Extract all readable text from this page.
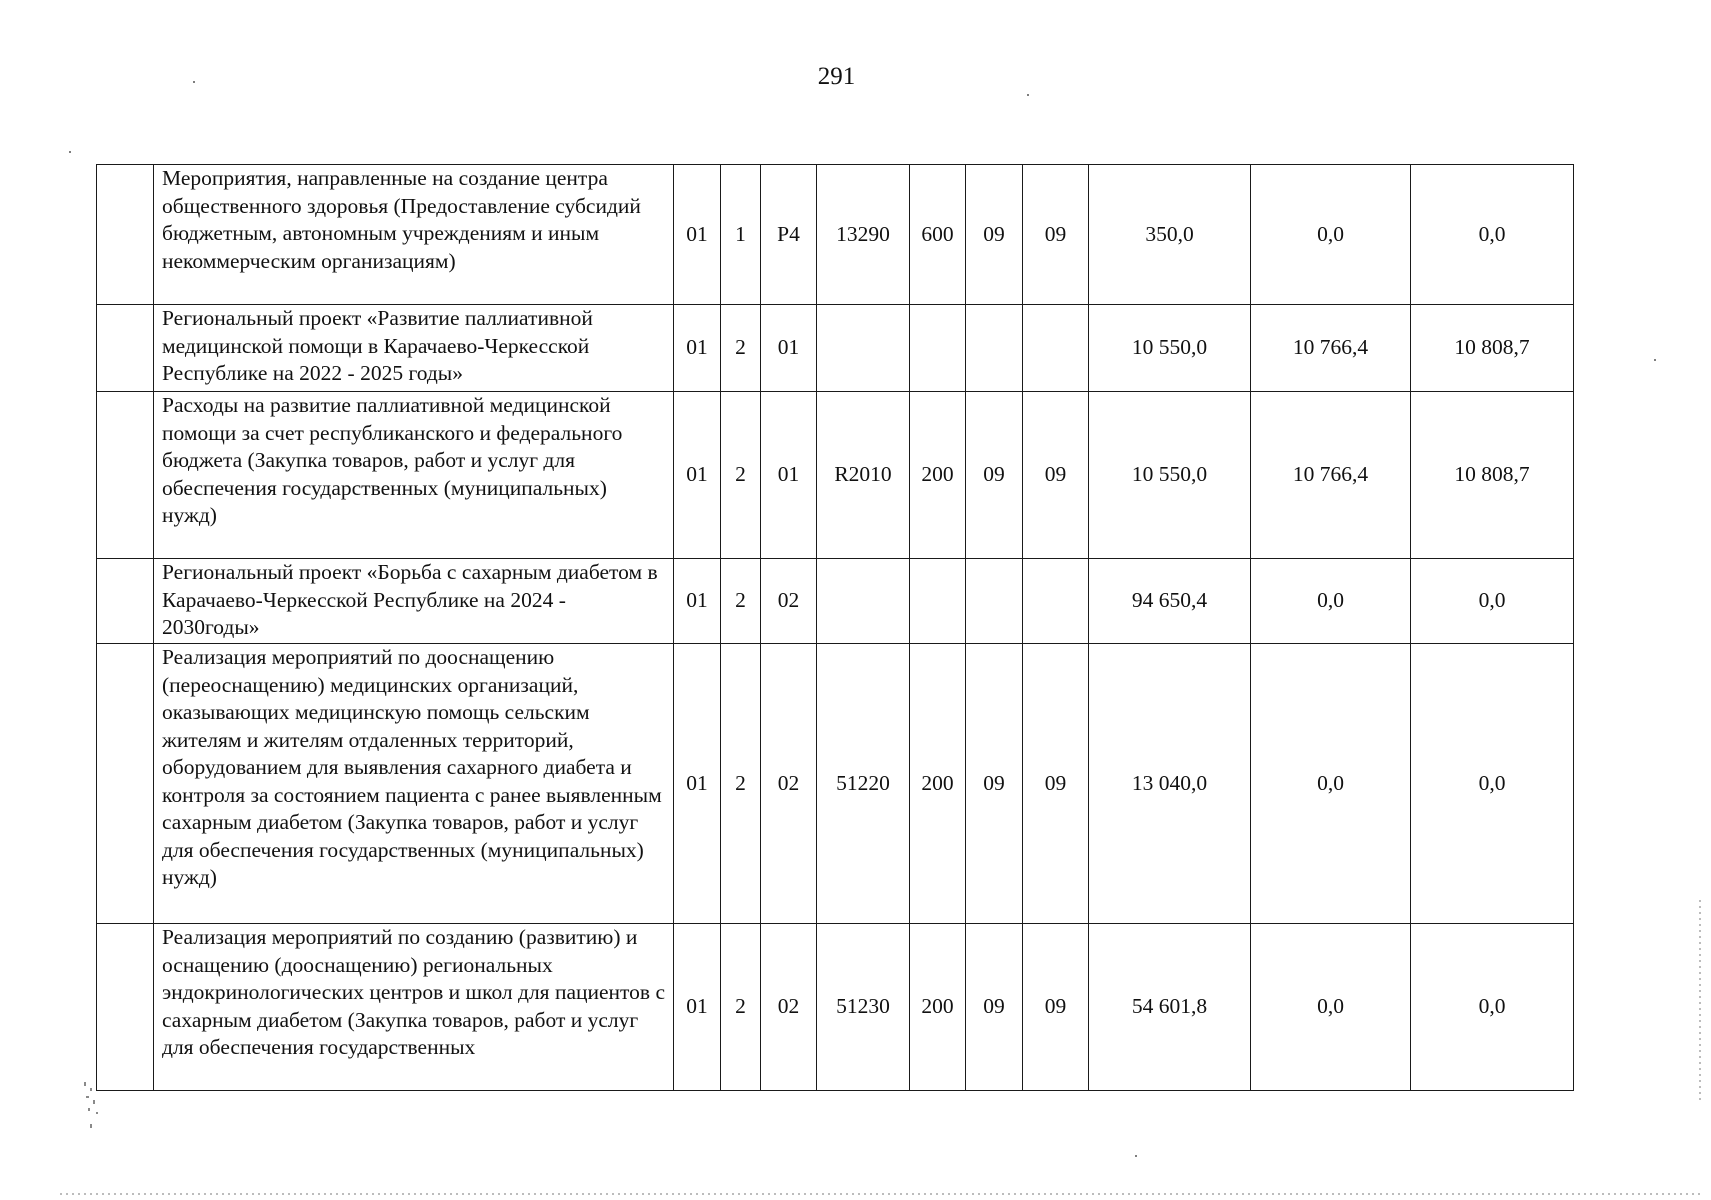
291
	Мероприятия, направленные на создание центра общественного здоровья (Предоставление субсидий бюджетным, автономным учреждениям и иным некоммерческим организациям)	01	1	P4	13290	600	09	09	350,0	0,0	0,0
	Региональный проект «Развитие паллиативной медицинской помощи в Карачаево-Черкесской Республике на 2022 - 2025 годы»	01	2	01					10 550,0	10 766,4	10 808,7
	Расходы на развитие паллиативной медицинской помощи за счет республиканского и федерального бюджета (Закупка товаров, работ и услуг для обеспечения государственных (муниципальных) нужд)	01	2	01	R2010	200	09	09	10 550,0	10 766,4	10 808,7
	Региональный проект «Борьба с сахарным диабетом в Карачаево-Черкесской Республике на 2024 - 2030годы»	01	2	02					94 650,4	0,0	0,0
	Реализация мероприятий по дооснащению (переоснащению) медицинских организаций, оказывающих медицинскую помощь сельским жителям и жителям отдаленных территорий, оборудованием для выявления сахарного диабета и контроля за состоянием пациента с ранее выявленным сахарным диабетом (Закупка товаров, работ и услуг для обеспечения государственных (муниципальных) нужд)	01	2	02	51220	200	09	09	13 040,0	0,0	0,0
	Реализация мероприятий по созданию (развитию) и оснащению (дооснащению) региональных эндокринологических центров и школ для пациентов с сахарным диабетом (Закупка товаров, работ и услуг для обеспечения государственных	01	2	02	51230	200	09	09	54 601,8	0,0	0,0
